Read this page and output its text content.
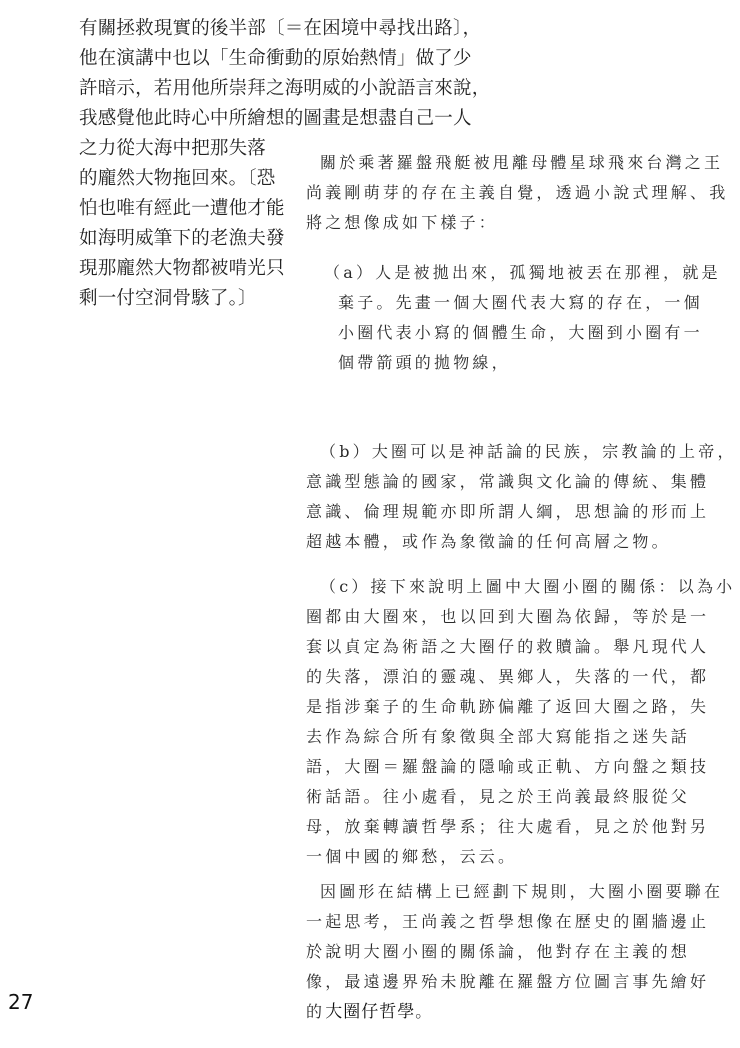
有關拯救現實的後半部〔＝在困境中尋找出路〕，
他在演講中也以「生命衝動的原始熱情」做了少
許暗示，若用他所崇拜之海明威的小說語言來說，
我感覺他此時心中所繪想的圖畫是想盡自己一人
之力從大海中把那失落
的龐然大物拖回來。〔恐
怕也唯有經此一遭他才能
如海明威筆下的老漁夫發
現那龐然大物都被啃光只
剩一付空洞骨駭了。〕
關於乘著羅盤飛艇被甩離母體星球飛來台灣之王
尚義剛萌芽的存在主義自覺，透過小說式理解、我
將之想像成如下樣子：
（a）人是被拋出來，孤獨地被丟在那裡，就是
棄子。先畫一個大圈代表大寫的存在，一個
小圈代表小寫的個體生命，大圈到小圈有一
個帶箭頭的拋物線，
（b）大圈可以是神話論的民族，宗教論的上帝，
意識型態論的國家，常識與文化論的傳統、集體
意識、倫理規範亦即所謂人綱，思想論的形而上
超越本體，或作為象徵論的任何高層之物。
（c）接下來說明上圖中大圈小圈的關係：以為小
圈都由大圈來，也以回到大圈為依歸，等於是一
套以貞定為術語之大圈仔的救贖論。舉凡現代人
的失落，漂泊的靈魂、異鄉人，失落的一代，都
是指涉棄子的生命軌跡偏離了返回大圈之路，失
去作為綜合所有象徵與全部大寫能指之迷失話
語，大圈＝羅盤論的隱喻或正軌、方向盤之類技
術話語。往小處看，見之於王尚義最終服從父
母，放棄轉讀哲學系；往大處看，見之於他對另
一個中國的鄉愁，云云。
因圖形在結構上已經劃下規則，大圈小圈要聯在
一起思考，王尚義之哲學想像在歷史的圍牆邊止
於說明大圈小圈的關係論，他對存在主義的想
像，最遠邊界殆未脫離在羅盤方位圖言事先繪好
的大圈仔哲學。
27
